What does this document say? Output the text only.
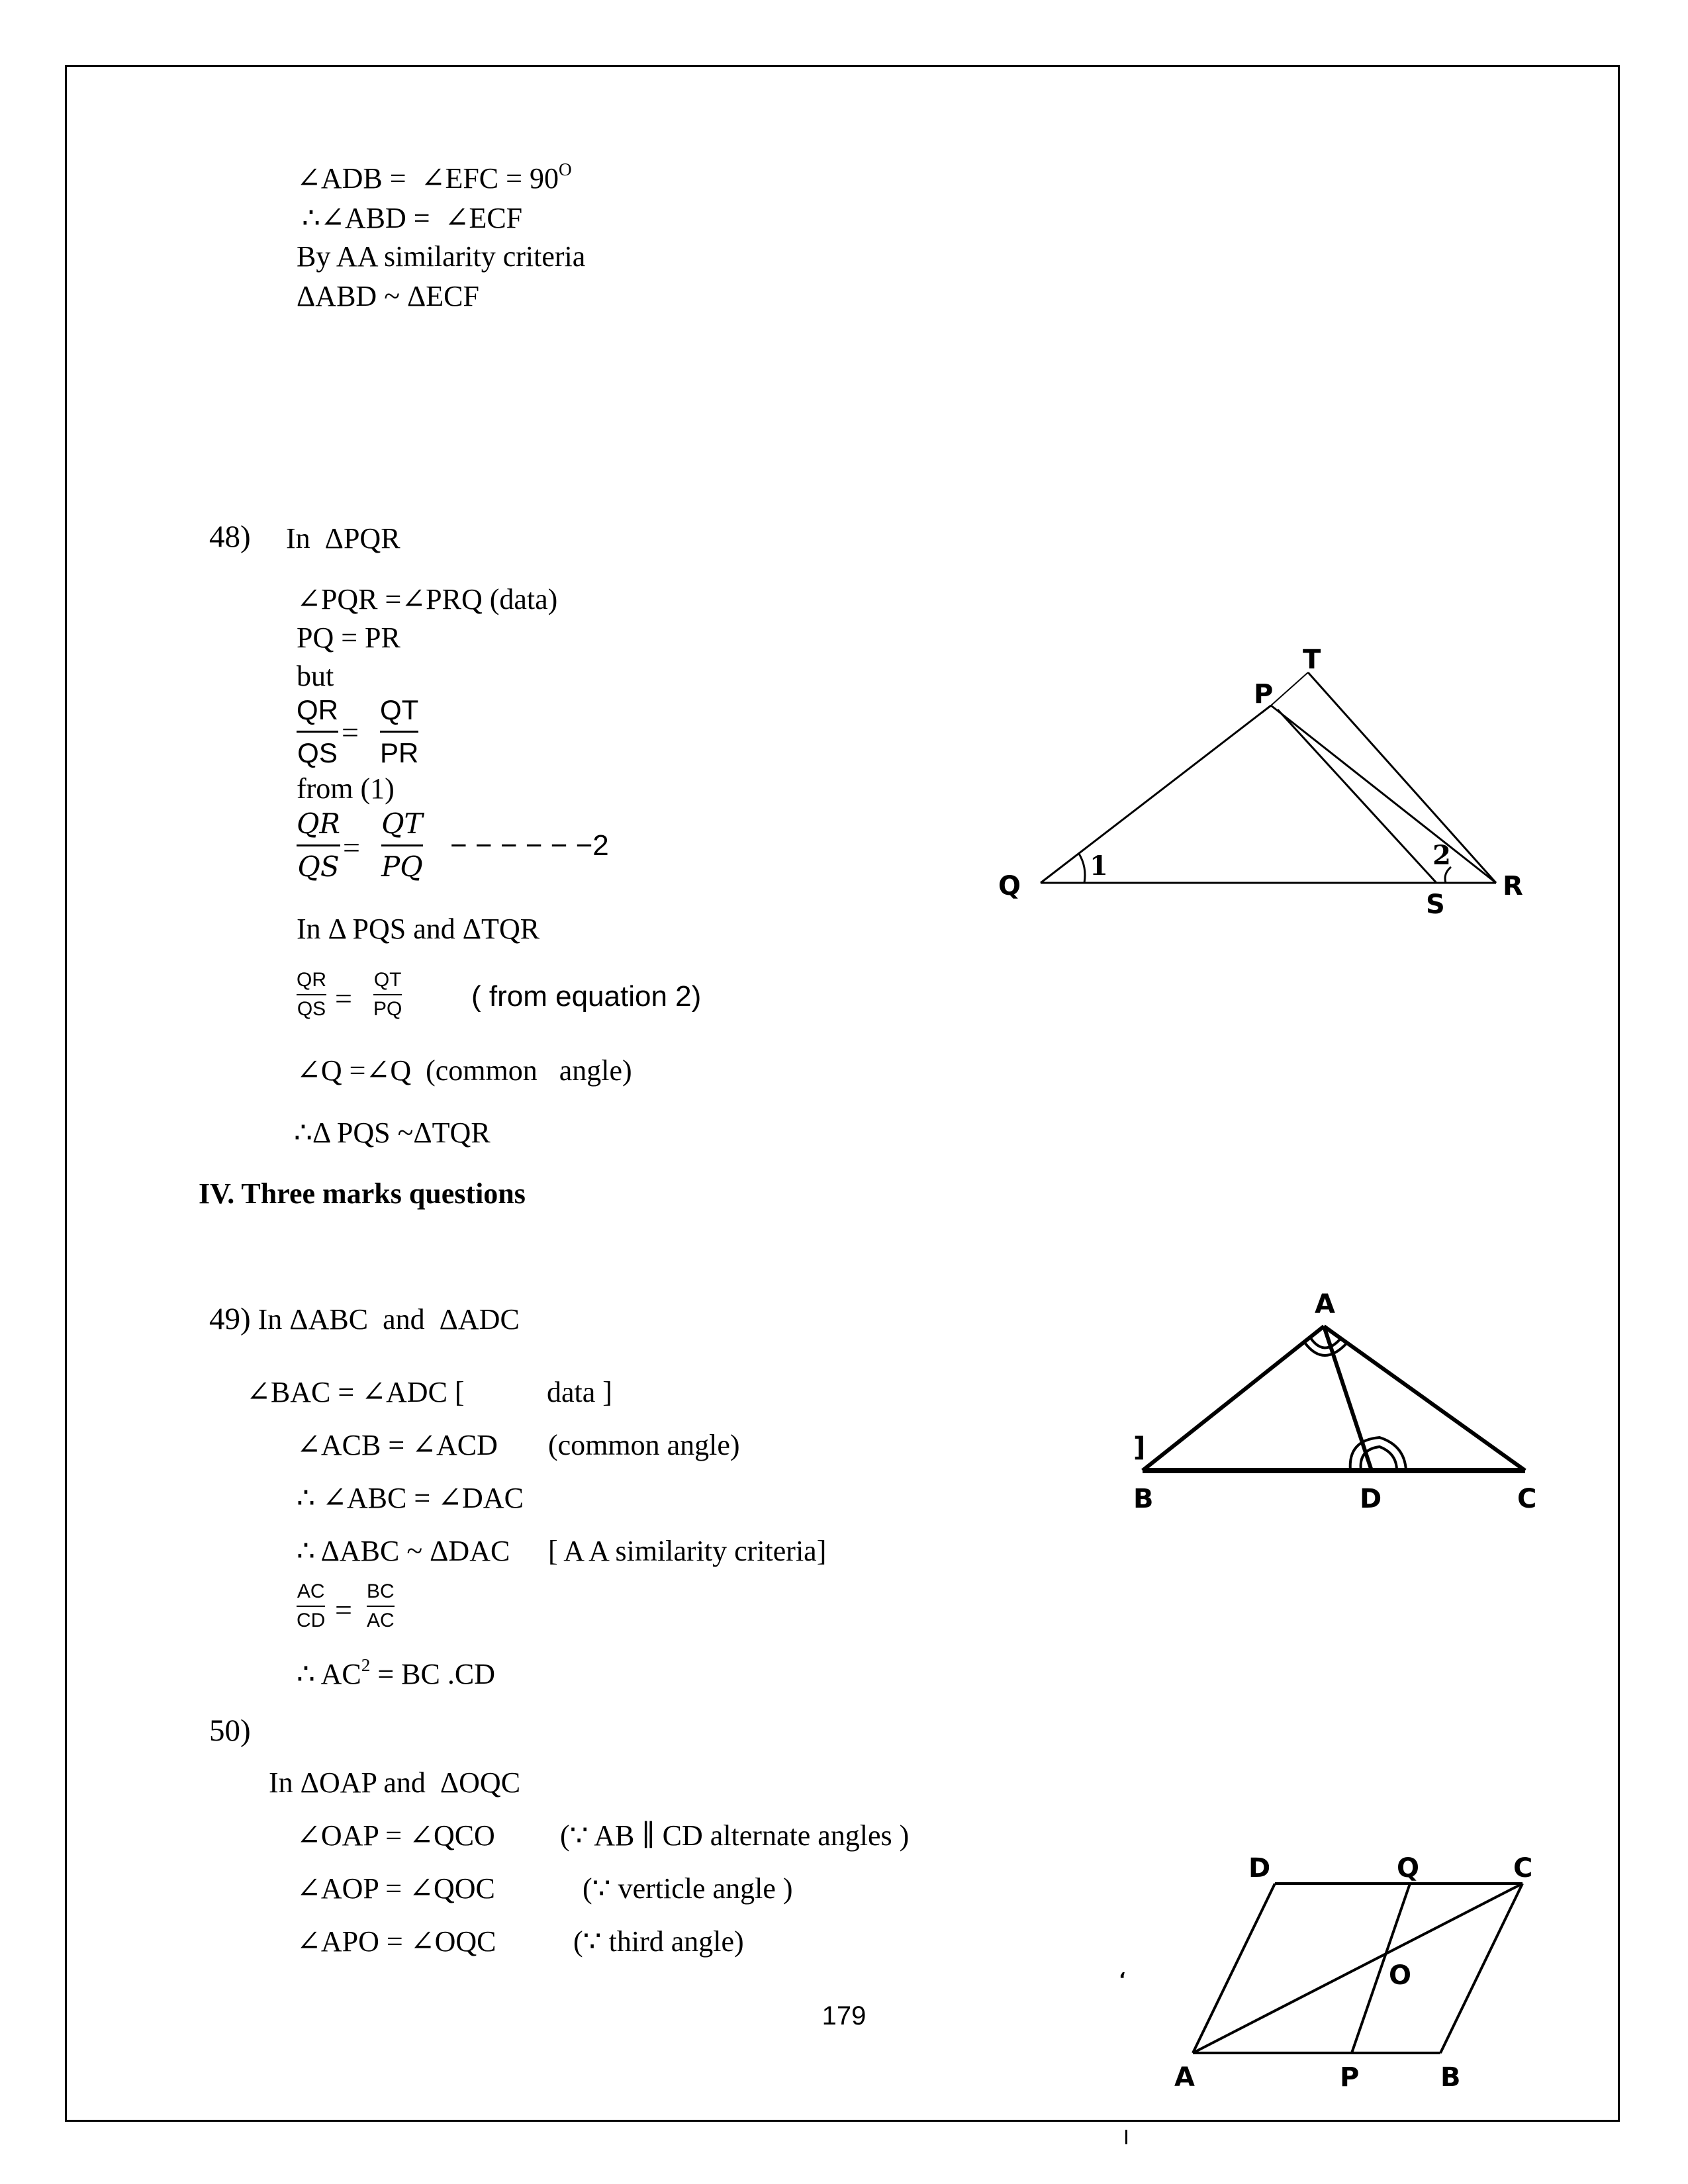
∠ADB =  ∠EFC = $90^O$
∴∠ABD =  ∠ECF
By AA similarity criteria
ΔABD ~ ΔECF
48) In  ΔPQR
∠PQR =∠PRQ (data)
PQ = PR
but
QR
QS
=
QT
PR
from (1)
QR
QS
=
QT
PQ
− − − − − −2
In Δ PQS and ΔTQR
QR
QS =
QT
PQ ( from equation 2)
∠Q =∠Q  (common   angle)
∴Δ PQS ~ΔTQR
Q
P
T
R
S
1	2
IV. Three marks questions
49) In ΔABC  and  ΔADC
∠BAC = ∠ADC [	data ]
∠ACB = ∠ACD (common angle)
∴ ∠ABC = ∠DAC
∴ ΔABC ~ ΔDAC [ A A similarity criteria]
AC
CD =
BC
AC
∴ $AC^2$ = BC .CD
A
B	D	C
]
50)
In ΔOAP and  ΔOQC
∠OAP = ∠QCO (∵ AB ∥ CD alternate angles )
∠AOP = ∠QOC	(∵ verticle angle )
∠APO = ∠OQC	(∵ third angle)
D	Q	C
O
A	P	B
‘
179
